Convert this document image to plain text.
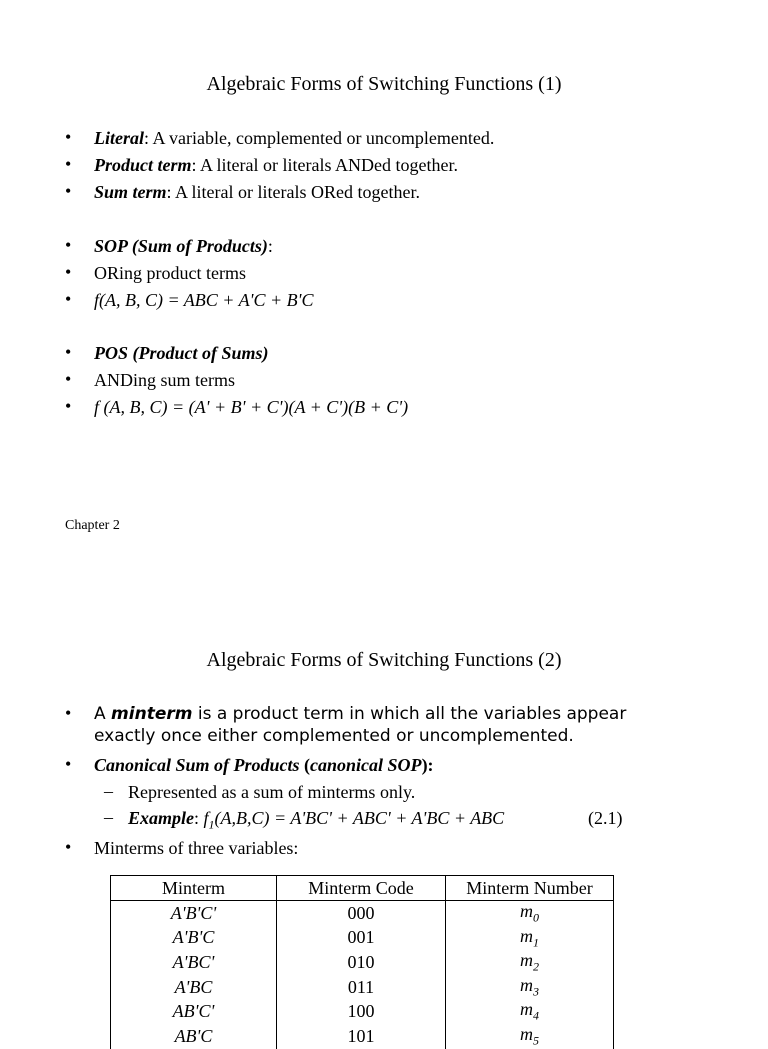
Algebraic Forms of Switching Functions (1)
• Literal: A variable, complemented or uncomplemented.
• Product term: A literal or literals ANDed together.
• Sum term: A literal or literals ORed together.
• SOP (Sum of Products):
• ORing product terms
• f(A, B, C) = ABC + A'C + B'C
• POS (Product of Sums)
• ANDing sum terms
• f (A, B, C) = (A' + B' + C')(A + C')(B + C')
Chapter 2
Algebraic Forms of Switching Functions (2)
• A minterm is a product term in which all the variables appear
exactly once either complemented or uncomplemented.
• Canonical Sum of Products (canonical SOP):
– Represented as a sum of minterms only.
– Example: $f_1(A,B,C) = A'BC' + ABC' + A'BC$ + ABC	(2.1)
• Minterms of three variables:
Minterm	Minterm Code	Minterm Number
A'B'C'	000	$m_0$
A'B'C	001	$m_1$
A'BC'	010	$m_2$
A'BC	011	$m_3$
AB'C'	100	$m_4$
AB'C	101	$m_5$
